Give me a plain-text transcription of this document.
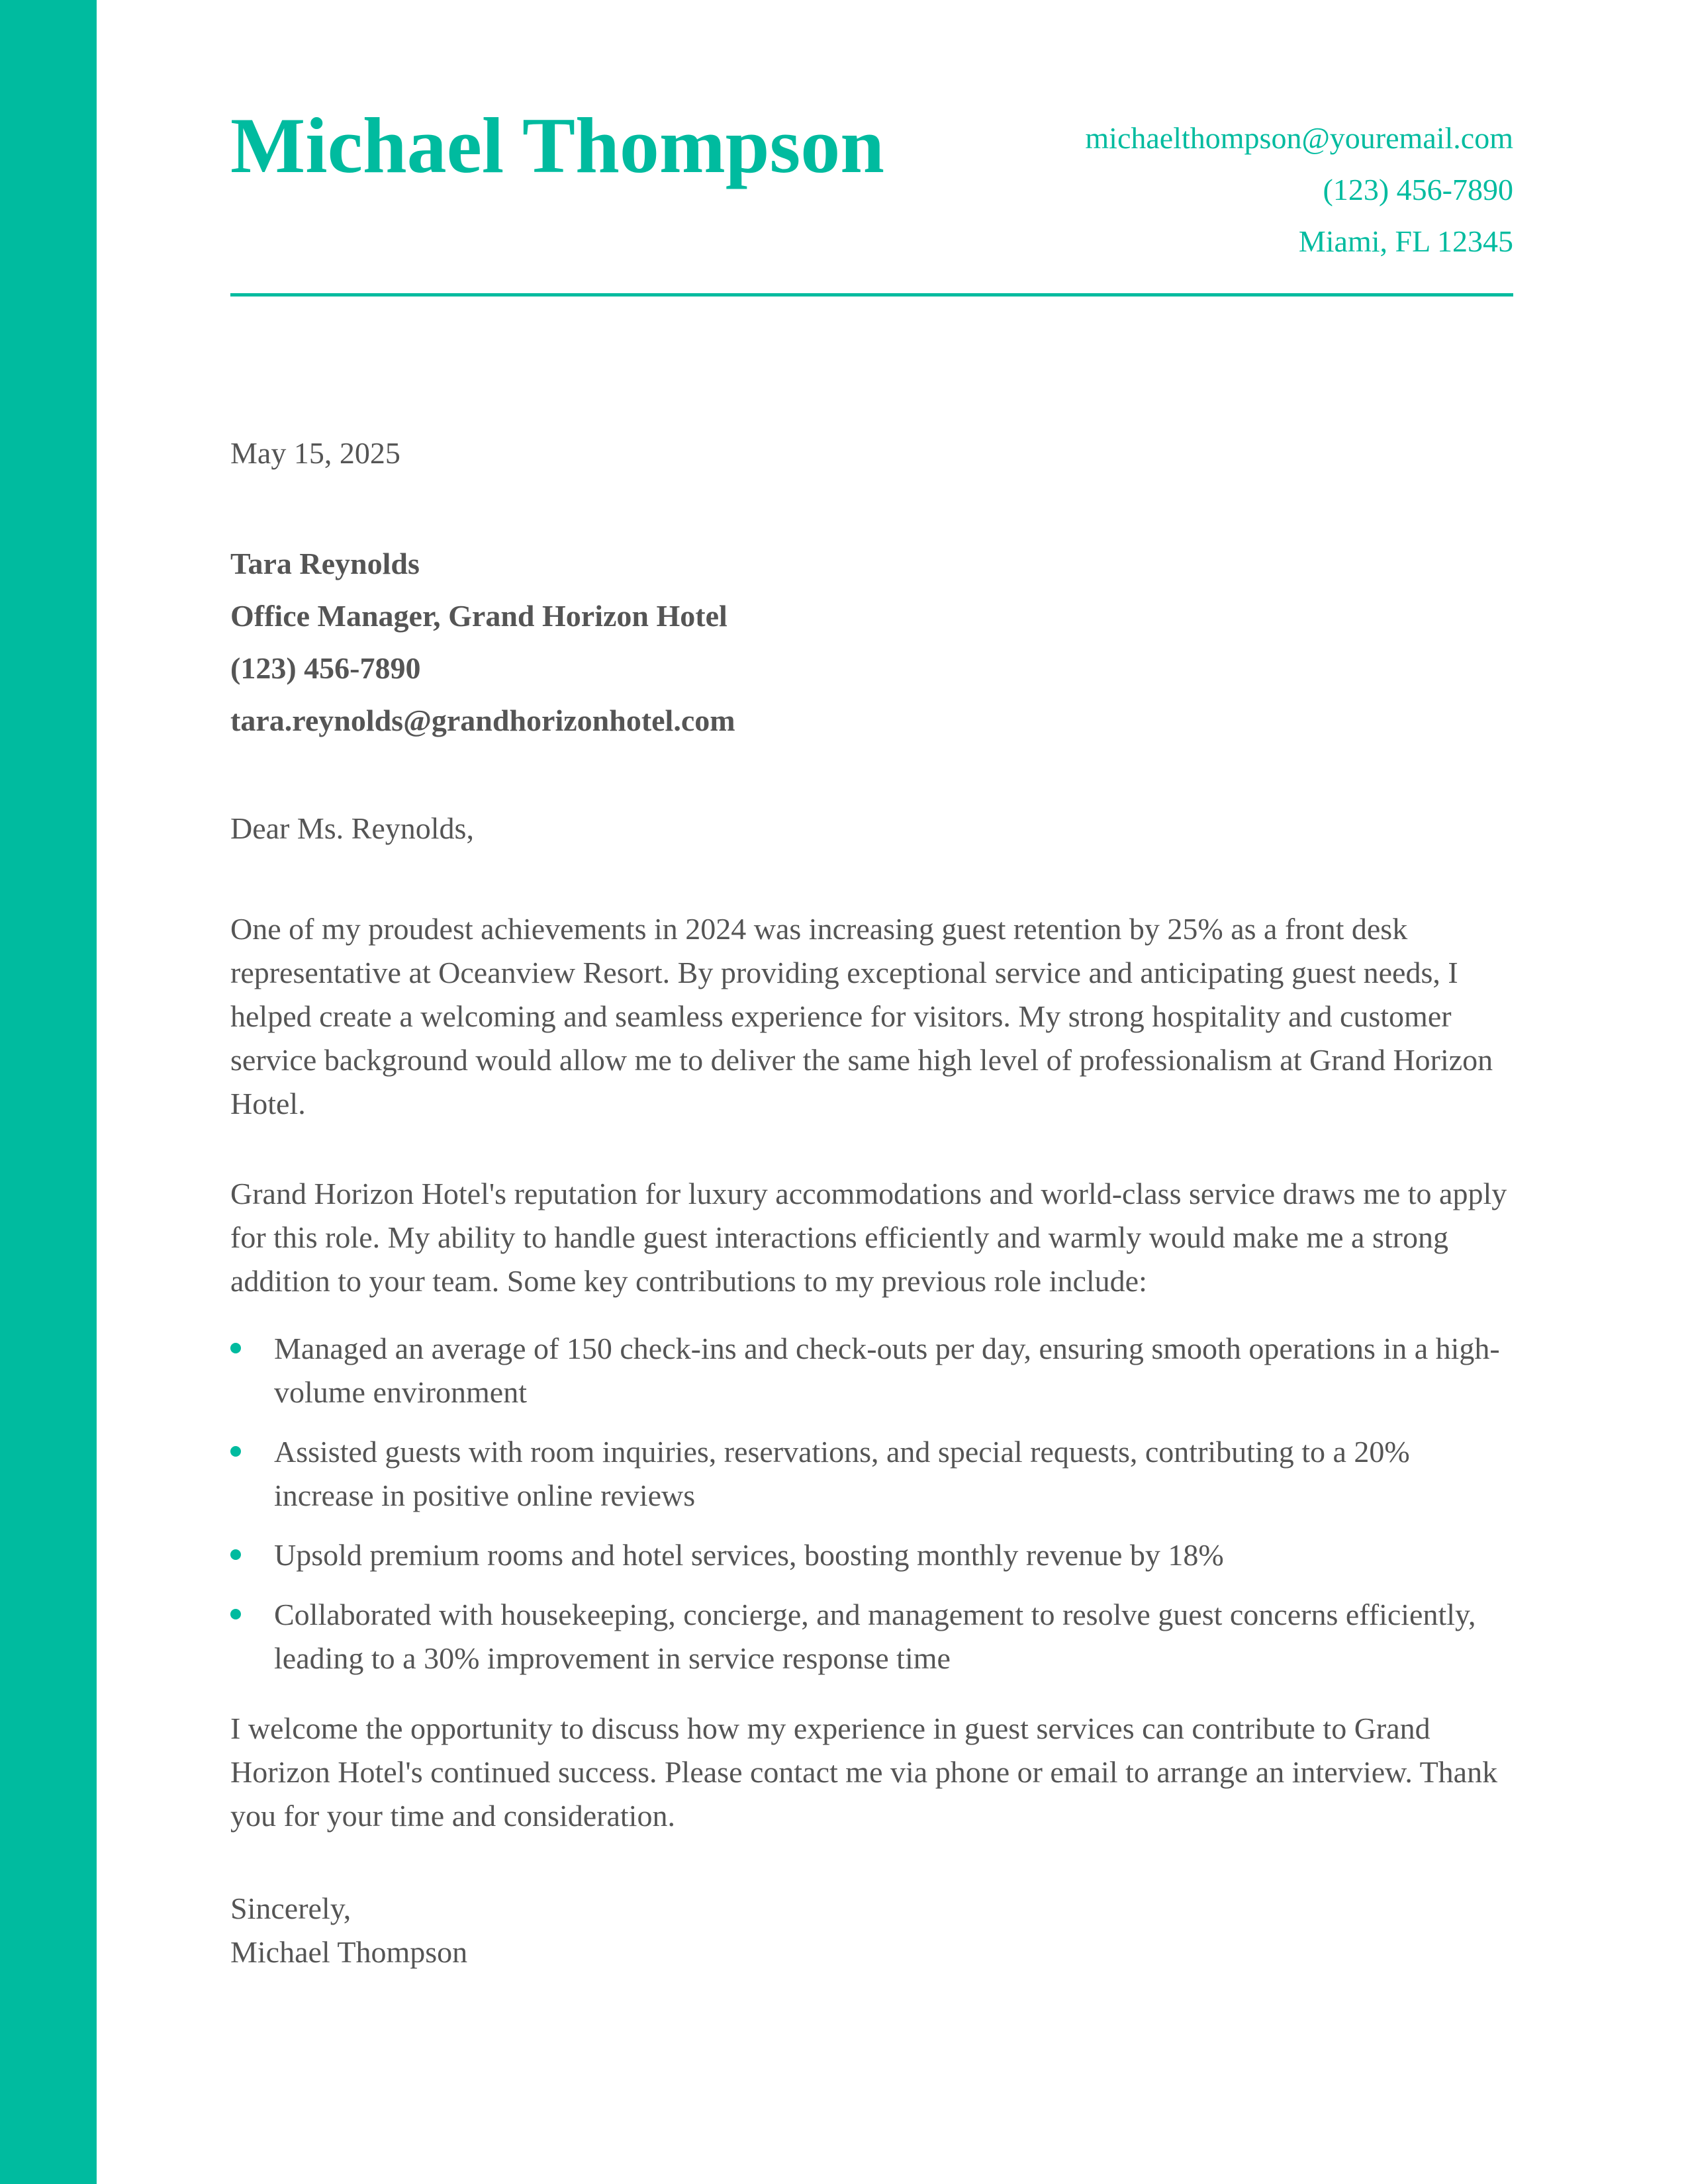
Michael Thompson	michaelthompson@youremail.com
(123) 456-7890
Miami, FL 12345
May 15, 2025
Tara Reynolds
Office Manager, Grand Horizon Hotel
(123) 456-7890
tara.reynolds@grandhorizonhotel.com

Dear Ms. Reynolds,

One of my proudest achievements in 2024 was increasing guest retention by 25% as a front desk representative at Oceanview Resort. By providing exceptional service and anticipating guest needs, I helped create a welcoming and seamless experience for visitors. My strong hospitality and customer service background would allow me to deliver the same high level of professionalism at Grand Horizon Hotel.

Grand Horizon Hotel's reputation for luxury accommodations and world-class service draws me to apply for this role. My ability to handle guest interactions efficiently and warmly would make me a strong addition to your team. Some key contributions to my previous role include:

Managed an average of 150 check-ins and check-outs per day, ensuring smooth operations in a high-volume environment
Assisted guests with room inquiries, reservations, and special requests, contributing to a 20% increase in positive online reviews
Upsold premium rooms and hotel services, boosting monthly revenue by 18%
Collaborated with housekeeping, concierge, and management to resolve guest concerns efficiently, leading to a 30% improvement in service response time

I welcome the opportunity to discuss how my experience in guest services can contribute to Grand Horizon Hotel's continued success. Please contact me via phone or email to arrange an interview. Thank you for your time and consideration.

Sincerely,

Michael Thompson
